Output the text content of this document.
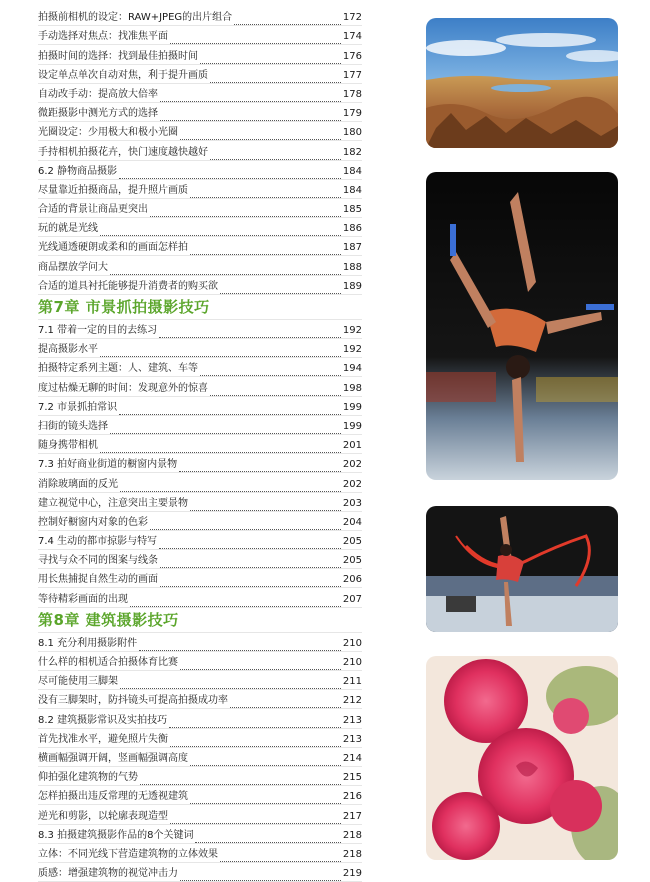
拍摄前相机的设定：RAW+JPEG的出片组合	172
手动选择对焦点：找准焦平面	174
拍摄时间的选择：找到最佳拍摄时间	176
设定单点单次自动对焦，利于提升画质	177
自动改手动：提高放大倍率	178
微距摄影中测光方式的选择	179
光圈设定：少用极大和极小光圈	180
手持相机拍摄花卉，快门速度越快越好	182
6.2 静物商品摄影	184
尽量靠近拍摄商品，提升照片画质	184
合适的背景让商品更突出	185
玩的就是光线	186
光线通透硬朗或柔和的画面怎样拍	187
商品摆放学问大	188
合适的道具衬托能够提升消费者的购买欲	189
第7章 市景抓拍摄影技巧
7.1 带着一定的目的去练习	192
提高摄影水平	192
拍摄特定系列主题：人、建筑、车等	194
度过枯燥无聊的时间：发现意外的惊喜	198
7.2 市景抓拍常识	199
扫街的镜头选择	199
随身携带相机	201
7.3 拍好商业街道的橱窗内景物	202
消除玻璃面的反光	202
建立视觉中心，注意突出主要景物	203
控制好橱窗内对象的色彩	204
7.4 生动的都市掠影与特写	205
寻找与众不同的图案与线条	205
用长焦捕捉自然生动的画面	206
等待精彩画面的出现	207
第8章 建筑摄影技巧
8.1 充分利用摄影附件	210
什么样的相机适合拍摄体育比赛	210
尽可能使用三脚架	211
没有三脚架时，防抖镜头可提高拍摄成功率	212
8.2 建筑摄影常识及实拍技巧	213
首先找准水平，避免照片失衡	213
横画幅强调开阔，竖画幅强调高度	214
仰拍强化建筑物的气势	215
怎样拍摄出违反常理的无透视建筑	216
逆光和剪影，以轮廓表现造型	217
8.3 拍摄建筑摄影作品的8个关键词	218
立体：不同光线下营造建筑物的立体效果	218
质感：增强建筑物的视觉冲击力	219
